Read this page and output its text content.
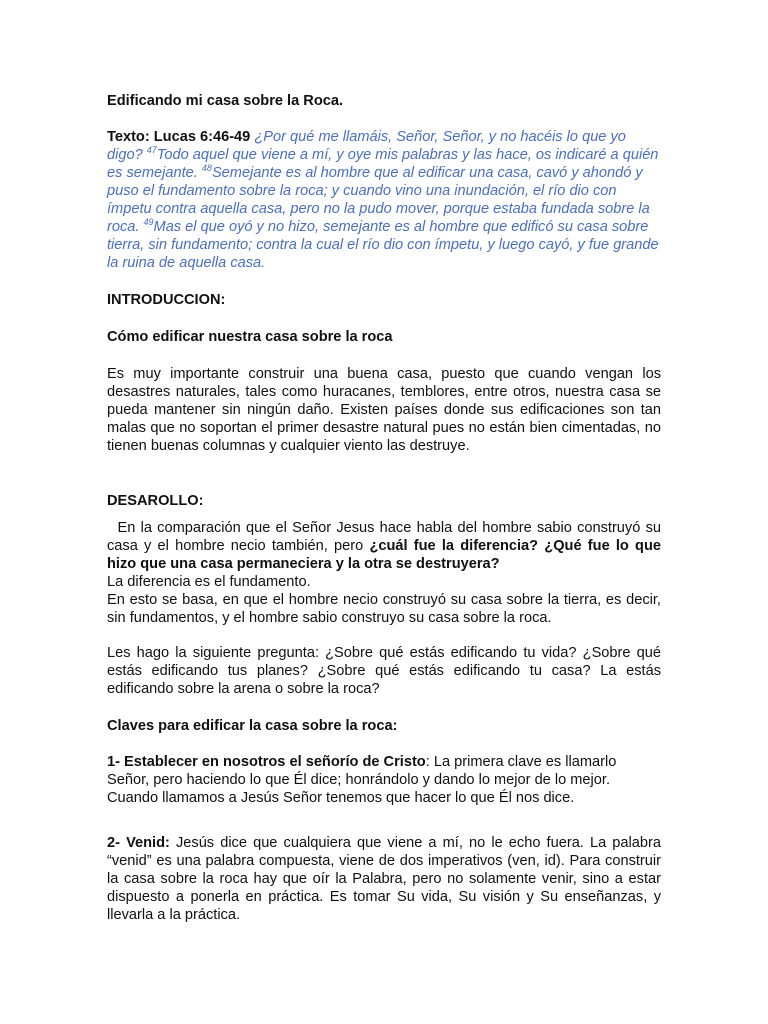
Edificando mi casa sobre la Roca.

Texto: Lucas 6:46-49 ¿Por qué me llamáis, Señor, Señor, y no hacéis lo que yo digo? $^{47}$Todo aquel que viene a mí, y oye mis palabras y las hace, os indicaré a quién es semejante. $^{48}$Semejante es al hombre que al edificar una casa, cavó y ahondó y puso el fundamento sobre la roca; y cuando vino una inundación, el río dio con ímpetu contra aquella casa, pero no la pudo mover, porque estaba fundada sobre la roca. $^{49}$Mas el que oyó y no hizo, semejante es al hombre que edificó su casa sobre tierra, sin fundamento; contra la cual el río dio con ímpetu, y luego cayó, y fue grande la ruina de aquella casa.

INTRODUCCION:

Cómo edificar nuestra casa sobre la roca

Es muy importante construir una buena casa, puesto que cuando vengan los desastres naturales, tales como huracanes, temblores, entre otros, nuestra casa se pueda mantener sin ningún daño. Existen países donde sus edificaciones son tan malas que no soportan el primer desastre natural pues no están bien cimentadas, no tienen buenas columnas y cualquier viento las destruye.

DESAROLLO:

En la comparación que el Señor Jesus hace habla del hombre sabio construyó su casa y el hombre necio también, pero ¿cuál fue la diferencia? ¿Qué fue lo que hizo que una casa permaneciera y la otra se destruyera?

La diferencia es el fundamento.

En esto se basa, en que el hombre necio construyó su casa sobre la tierra, es decir, sin fundamentos, y el hombre sabio construyo su casa sobre la roca.

Les hago la siguiente pregunta: ¿Sobre qué estás edificando tu vida? ¿Sobre qué estás edificando tus planes? ¿Sobre qué estás edificando tu casa? La estás edificando sobre la arena o sobre la roca?

Claves para edificar la casa sobre la roca:

1- Establecer en nosotros el señorío de Cristo: La primera clave es llamarlo Señor, pero haciendo lo que Él dice; honrándolo y dando lo mejor de lo mejor.

Cuando llamamos a Jesús Señor tenemos que hacer lo que Él nos dice.

2- Venid: Jesús dice que cualquiera que viene a mí, no le echo fuera. La palabra “venid” es una palabra compuesta, viene de dos imperativos (ven, id). Para construir la casa sobre la roca hay que oír la Palabra, pero no solamente venir, sino a estar dispuesto a ponerla en práctica. Es tomar Su vida, Su visión y Su enseñanzas, y llevarla a la práctica.
